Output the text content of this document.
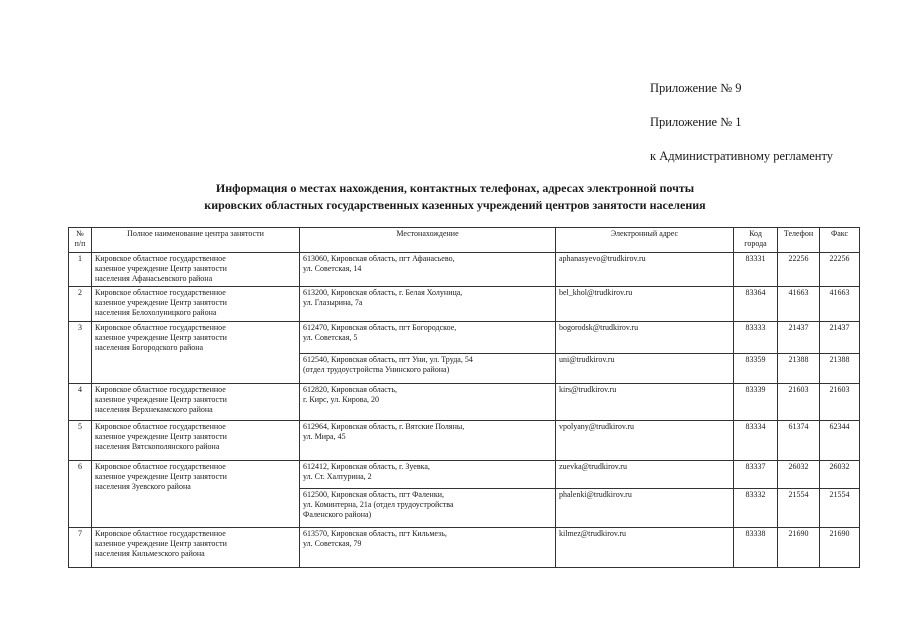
Приложение № 9
Приложение № 1
к Административному регламенту
Информация о местах нахождения, контактных телефонах, адресах электронной почты
кировских областных государственных казенных учреждений центров занятости населения
№
п/п	Полное наименование центра занятости	Местонахождение	Электронный адрес	Код
города	Телефон	Факс
1	Кировское областное государственное
казенное учреждение Центр занятости
населения Афанасьевского района	613060, Кировская область, пгт Афанасьево,
ул. Советская, 14	aphanasyevo@trudkirov.ru	83331	22256	22256
2	Кировское областное государственное
казенное учреждение Центр занятости
населения Белохолуницкого района	613200, Кировская область, г. Белая Холуница,
ул. Глазырина, 7а	bel_khol@trudkirov.ru	83364	41663	41663
3	Кировское областное государственное
казенное учреждение Центр занятости
населения Богородского района	612470, Кировская область, пгт Богородское,
ул. Советская, 5	bogorodsk@trudkirov.ru	83333	21437	21437

		612540, Кировская область, пгт Уни, ул. Труда, 54
(отдел трудоустройства Унинского района)	uni@trudkirov.ru	83359	21388	21388
4	Кировское областное государственное
казенное учреждение Центр занятости
населения Верхнекамского района	612820, Кировская область,
г. Кирс, ул. Кирова, 20	kirs@trudkirov.ru	83339	21603	21603
5	Кировское областное государственное
казенное учреждение Центр занятости
населения Вятскополянского района	612964, Кировская область, г. Вятские Поляны,
ул. Мира, 45	vpolyany@trudkirov.ru	83334	61374	62344
6	Кировское областное государственное
казенное учреждение Центр занятости
населения Зуевского района	612412, Кировская область, г. Зуевка,
ул. Ст. Халтурина, 2	zuevka@trudkirov.ru	83337	26032	26032

		612500, Кировская область, пгт Фаленки,
ул. Коминтерна, 21а (отдел трудоустройства
Фаленского района)	phalenki@trudkirov.ru	83332	21554	21554
7	Кировское областное государственное
казенное учреждение Центр занятости
населения Кильмезского района	613570, Кировская область, пгт Кильмезь,
ул. Советская, 79	kilmez@trudkirov.ru	83338	21690	21690
